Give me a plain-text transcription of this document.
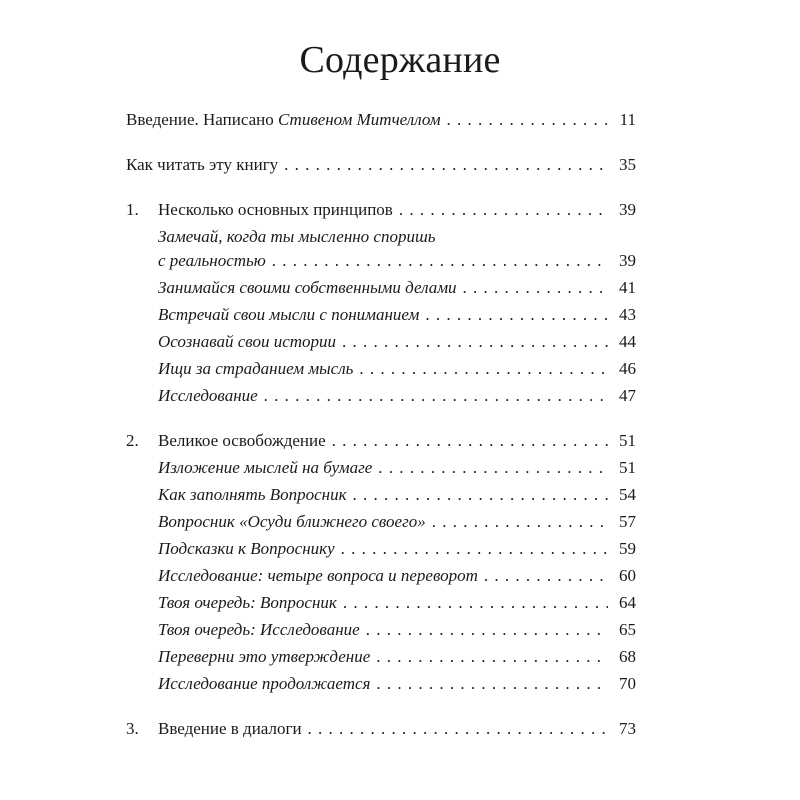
Содержание
Введение. Написано Стивеном Митчеллом . . .	11
Как читать эту книгу . . .	35
1.	Несколько основных принципов . . .	39
Замечай, когда ты мысленно споришь
с реальностью . . .	39
Занимайся своими собственными делами . . .	41
Встречай свои мысли с пониманием . . .	43
Осознавай свои истории . . .	44
Ищи за страданием мысль . . .	46
Исследование . . .	47
2.	Великое освобождение . . .	51
Изложение мыслей на бумаге . . .	51
Как заполнять Вопросник . . .	54
Вопросник «Осуди ближнего своего» . . .	57
Подсказки к Вопроснику . . .	59
Исследование: четыре вопроса и переворот . . .	60
Твоя очередь: Вопросник . . .	64
Твоя очередь: Исследование . . .	65
Переверни это утверждение . . .	68
Исследование продолжается . . .	70
3.	Введение в диалоги . . .	73
